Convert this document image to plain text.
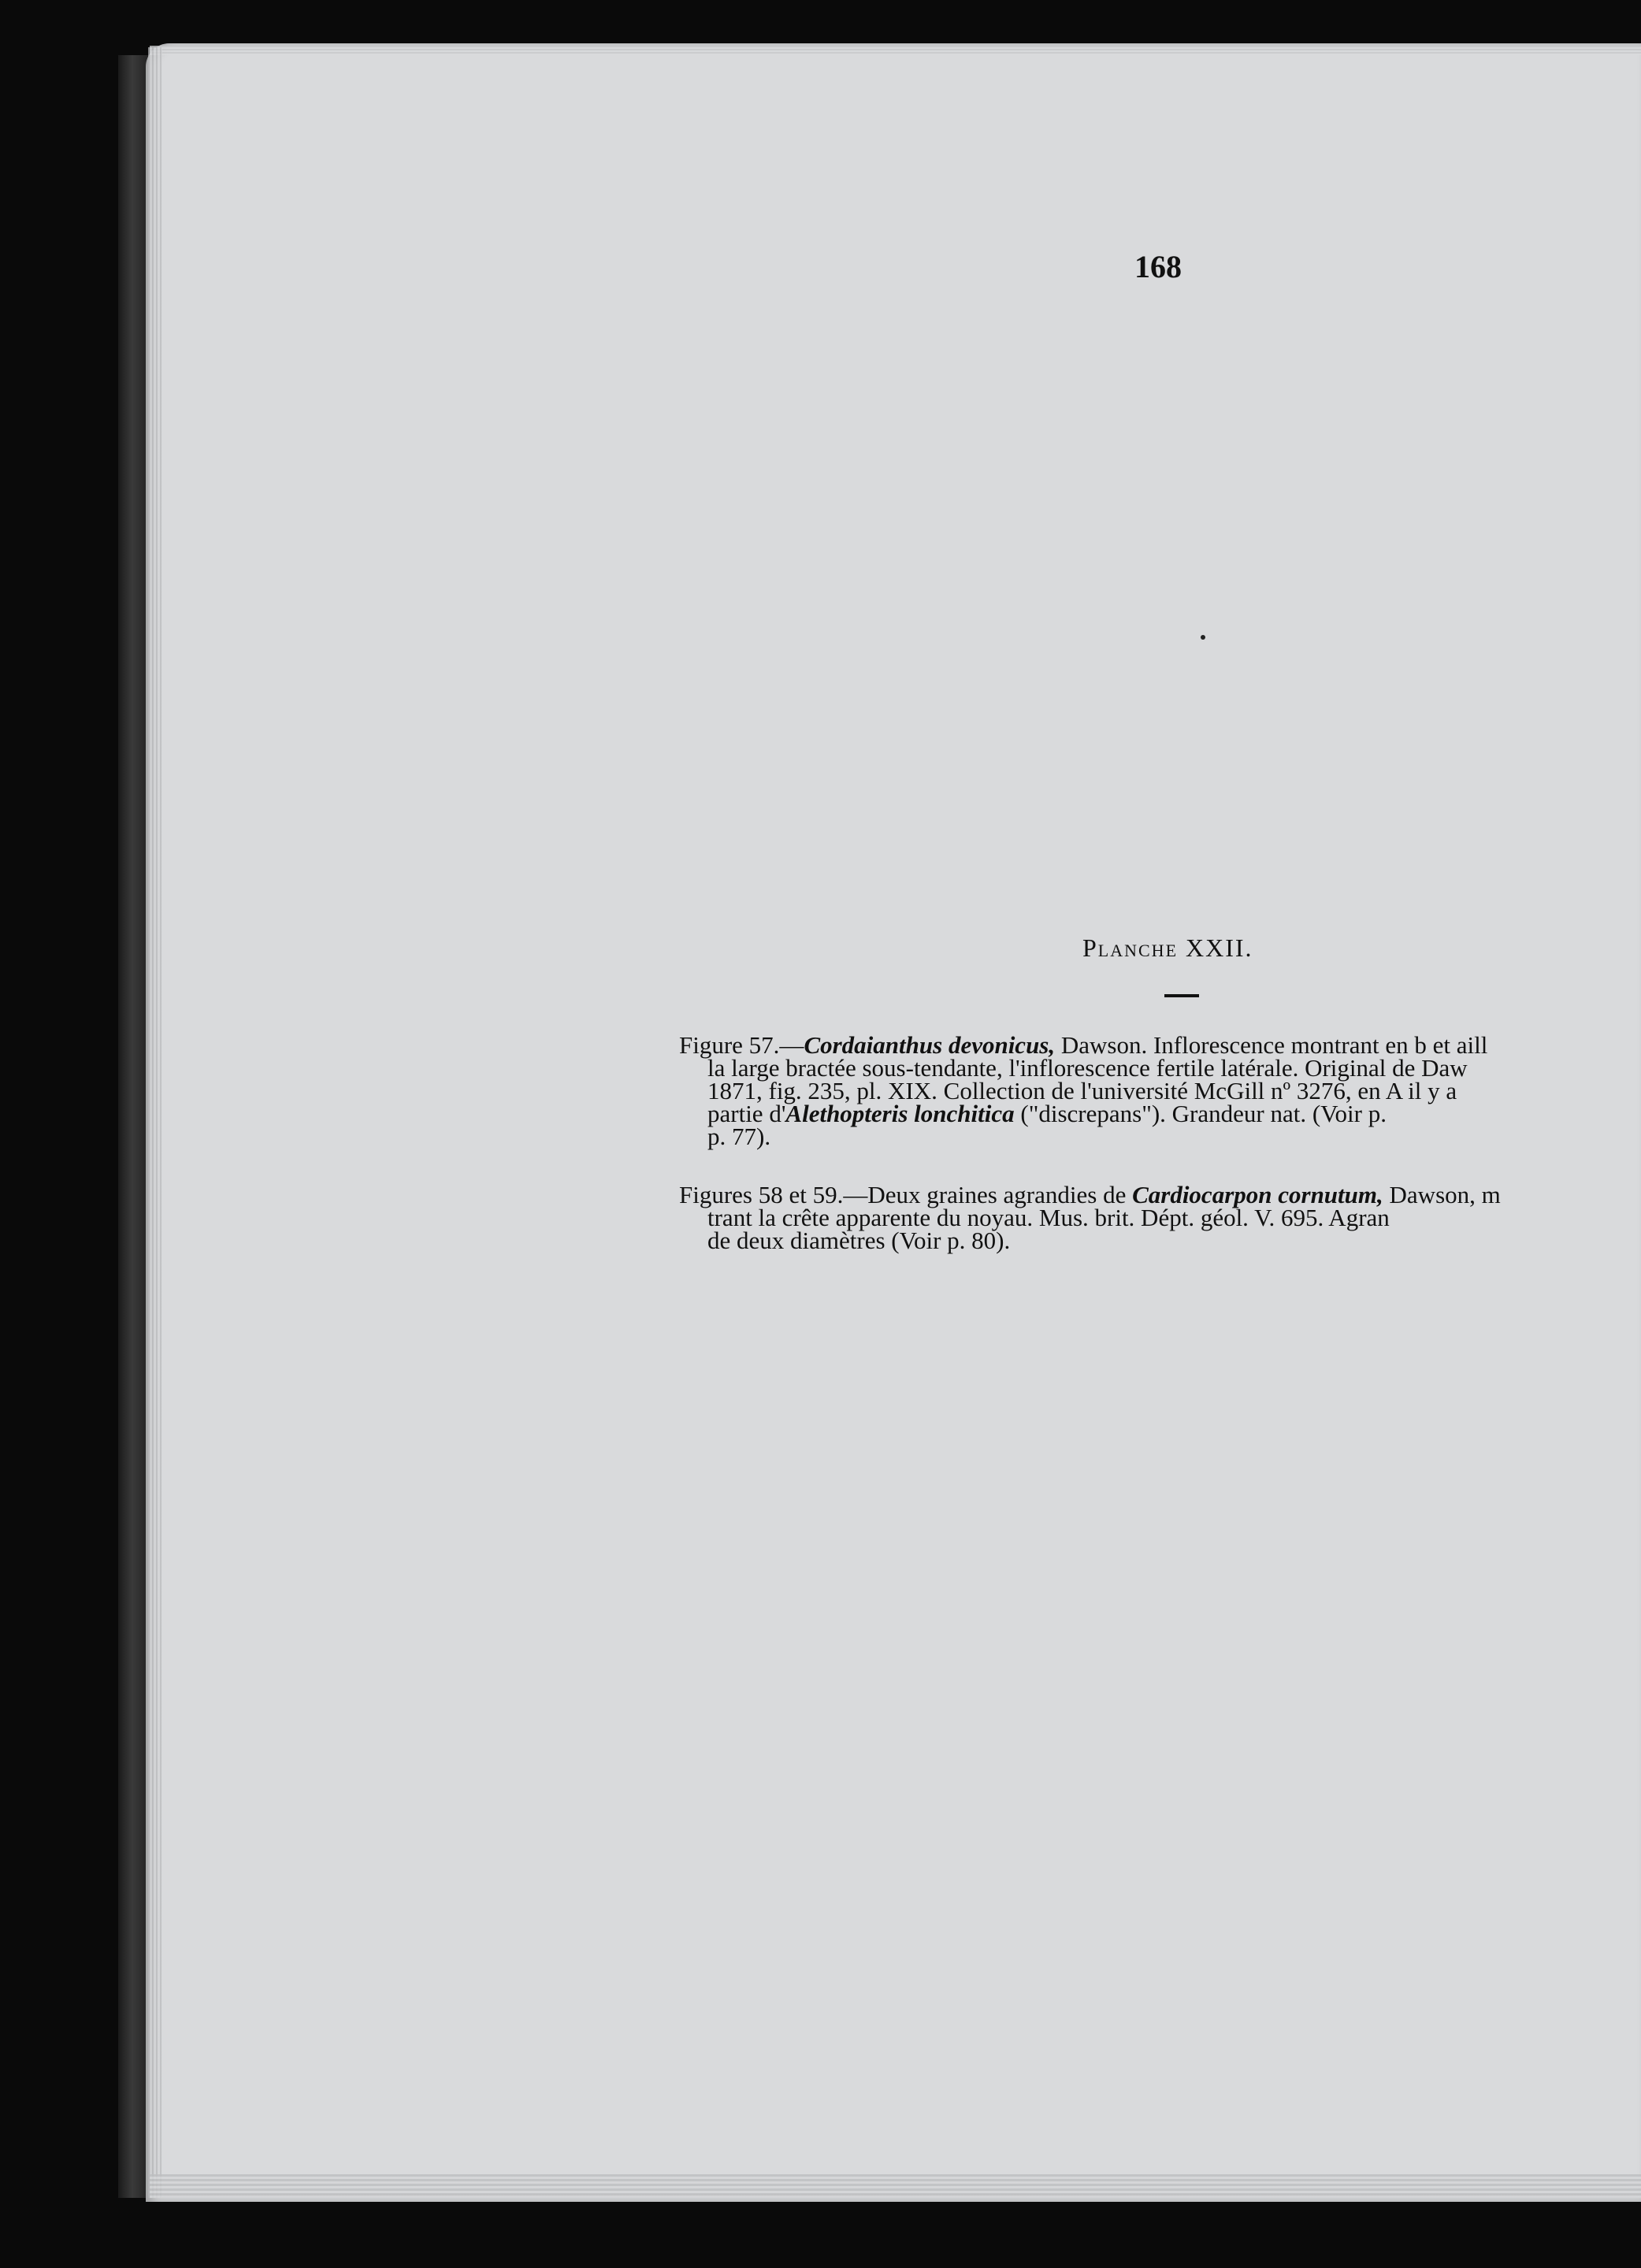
168
Planche XXII.
Figure 57.—Cordaianthus devonicus, Dawson. Inflorescence montrant en b et aill
la large bractée sous-tendante, l'inflorescence fertile latérale. Original de Daw
1871, fig. 235, pl. XIX. Collection de l'université McGill nº 3276, en A il y a
partie d'Alethopteris lonchitica ("discrepans"). Grandeur nat. (Voir p.
p. 77).
Figures 58 et 59.—Deux graines agrandies de Cardiocarpon cornutum, Dawson, m
trant la crête apparente du noyau. Mus. brit. Dépt. géol. V. 695. Agran
de deux diamètres (Voir p. 80).
